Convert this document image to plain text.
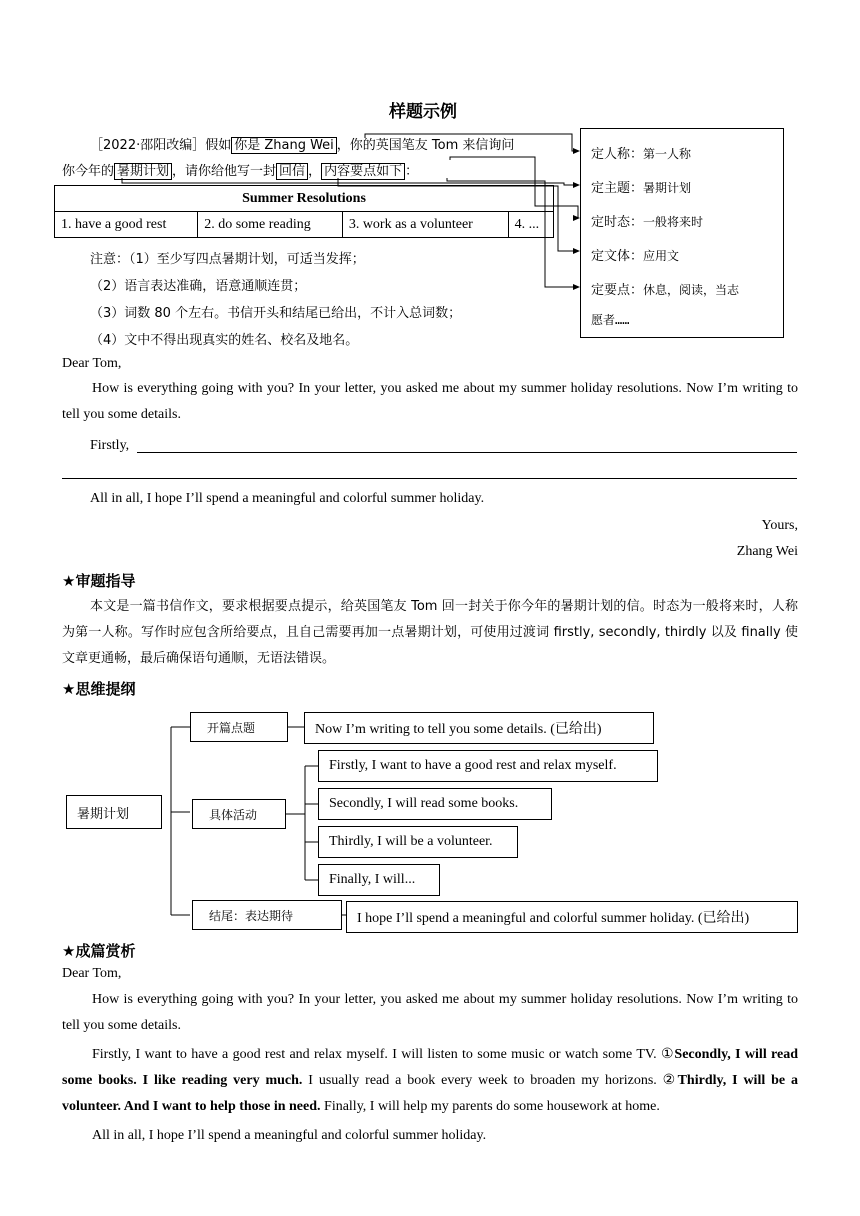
样题示例
［2022·邵阳改编］假如 你是 Zhang Wei ，你的英国笔友 Tom 来信询问
你今年的 暑期计划 ，请你给他写一封 回信 ， 内容要点如下 ：
Summer Resolutions
1. have a good rest	2. do some reading	3. work as a volunteer	4. ...
注意：（1）至少写四点暑期计划，可适当发挥；
（2）语言表达准确，语意通顺连贯；
（3）词数 80 个左右。书信开头和结尾已给出，不计入总词数；
（4）文中不得出现真实的姓名、校名及地名。
定人称：第一人称
定主题：暑期计划
定时态：一般将来时
定文体：应用文
定要点：休息，阅读，当志
愿者……
Dear Tom,
How is everything going with you? In your letter, you asked me about my summer holiday resolutions. Now I’m writing to tell you some details.
Firstly,
All in all, I hope I’ll spend a meaningful and colorful summer holiday.
Yours,
Zhang Wei
★审题指导
本文是一篇书信作文，要求根据要点提示，给英国笔友 Tom 回一封关于你今年的暑期计划的信。时态为一般将来时，人称为第一人称。写作时应包含所给要点，且自己需要再加一点暑期计划，可使用过渡词 firstly, secondly, thirdly 以及 finally 使文章更通畅，最后确保语句通顺，无语法错误。
★思维提纲
暑期计划
开篇点题
具体活动
结尾：表达期待
Now I’m writing to tell you some details. (已给出)
Firstly, I want to have a good rest and relax myself.
Secondly, I will read some books.
Thirdly, I will be a volunteer.
Finally, I will...
I hope I’ll spend a meaningful and colorful summer holiday. (已给出)
★成篇赏析
Dear Tom,
How is everything going with you? In your letter, you asked me about my summer holiday resolutions. Now I’m writing to tell you some details.
Firstly, I want to have a good rest and relax myself. I will listen to some music or watch some TV. ①Secondly, I will read some books. I like reading very much. I usually read a book every week to broaden my horizons. ②Thirdly, I will be a volunteer. And I want to help those in need. Finally, I will help my parents do some housework at home.
All in all, I hope I’ll spend a meaningful and colorful summer holiday.
